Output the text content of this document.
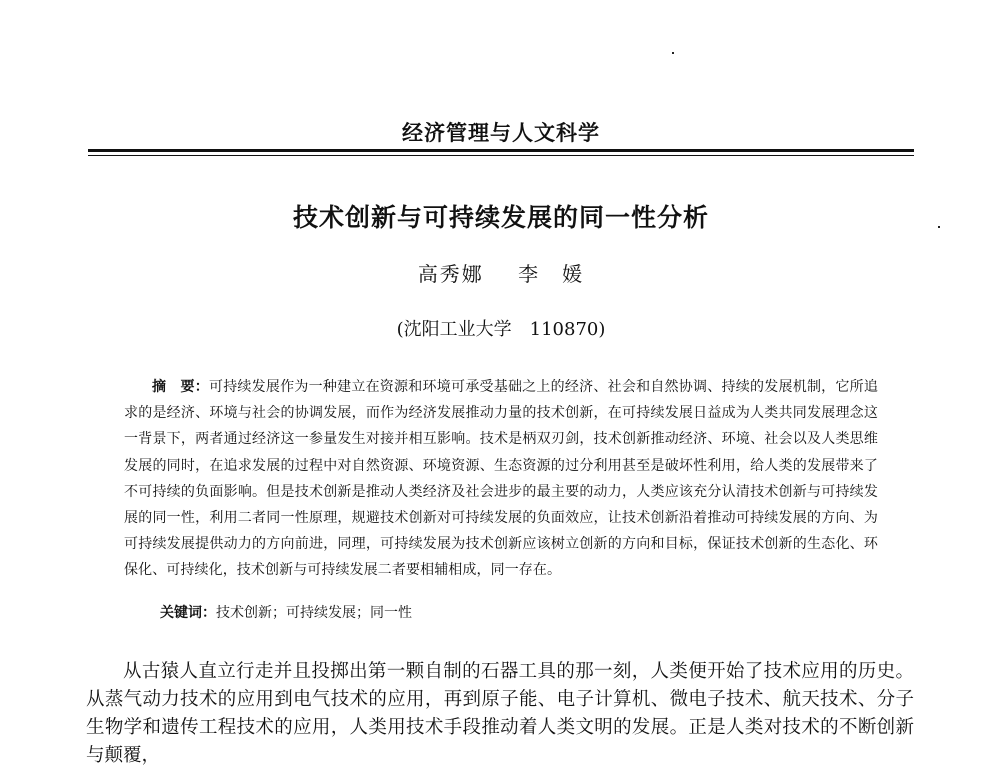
经济管理与人文科学
技术创新与可持续发展的同一性分析
高秀娜 李　媛
(沈阳工业大学　110870)
摘　要：可持续发展作为一种建立在资源和环境可承受基础之上的经济、社会和自然协调、持续的发展机制，它所追求的是经济、环境与社会的协调发展，而作为经济发展推动力量的技术创新，在可持续发展日益成为人类共同发展理念这一背景下，两者通过经济这一参量发生对接并相互影响。技术是柄双刃剑，技术创新推动经济、环境、社会以及人类思维发展的同时，在追求发展的过程中对自然资源、环境资源、生态资源的过分利用甚至是破坏性利用，给人类的发展带来了不可持续的负面影响。但是技术创新是推动人类经济及社会进步的最主要的动力，人类应该充分认清技术创新与可持续发展的同一性，利用二者同一性原理，规避技术创新对可持续发展的负面效应，让技术创新沿着推动可持续发展的方向、为可持续发展提供动力的方向前进，同理，可持续发展为技术创新应该树立创新的方向和目标，保证技术创新的生态化、环保化、可持续化，技术创新与可持续发展二者要相辅相成，同一存在。
关键词：技术创新；可持续发展；同一性
从古猿人直立行走并且投掷出第一颗自制的石器工具的那一刻，人类便开始了技术应用的历史。从蒸气动力技术的应用到电气技术的应用，再到原子能、电子计算机、微电子技术、航天技术、分子生物学和遗传工程技术的应用，人类用技术手段推动着人类文明的发展。正是人类对技术的不断创新与颠覆，
